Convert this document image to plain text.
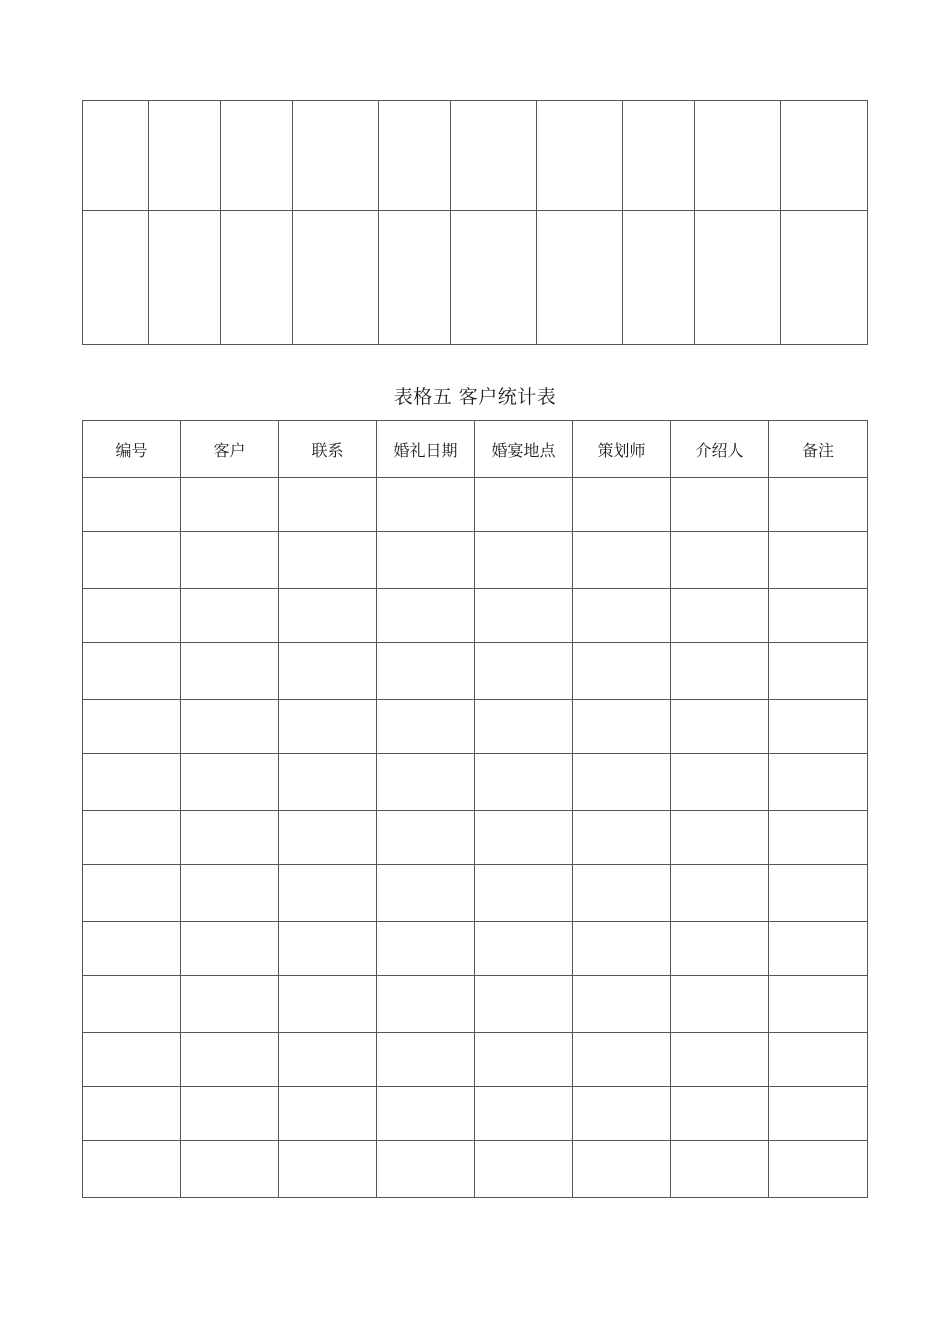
表格五 客户统计表
编号	客户	联系	婚礼日期	婚宴地点	策划师	介绍人	备注
